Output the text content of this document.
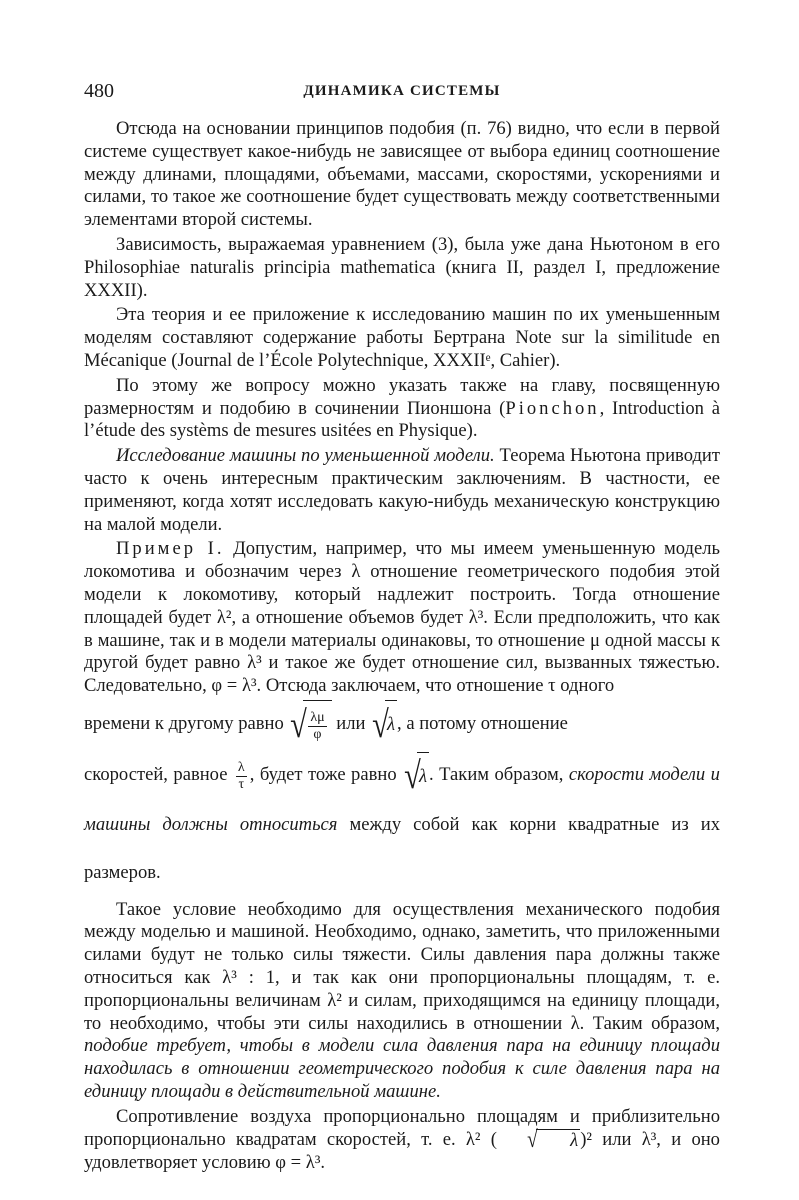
480	ДИНАМИКА СИСТЕМЫ

Отсюда на основании принципов подобия (п. 76) видно, что если в первой системе существует какое-нибудь не зависящее от выбора единиц соотношение между длинами, площадями, объемами, массами, скоростями, ускорениями и силами, то такое же соотношение будет существовать между соответственными элементами второй системы.

Зависимость, выражаемая уравнением (3), была уже дана Ньютоном в его Philosophiae naturalis principia mathematica (книга II, раздел I, предложение XXXII).

Эта теория и ее приложение к исследованию машин по их уменьшенным моделям составляют содержание работы Бертрана Note sur la similitude en Mécanique (Journal de l’École Polytechnique, XXXIIᵉ, Cahier).

По этому же вопросу можно указать также на главу, посвященную размерностям и подобию в сочинении Пионшона (Pionchon, Introduction à l’étude des systèms de mesures usitées en Physique).

Исследование машины по уменьшенной модели. Теорема Ньютона приводит часто к очень интересным практическим заключениям. В частности, ее применяют, когда хотят исследовать какую-нибудь механическую конструкцию на малой модели.

Пример I. Допустим, например, что мы имеем уменьшенную модель локомотива и обозначим через λ отношение геометрического подобия этой модели к локомотиву, который надлежит построить. Тогда отношение площадей будет λ², а отношение объемов будет λ³. Если предположить, что как в машине, так и в модели материалы одинаковы, то отношение μ одной массы к другой будет равно λ³ и такое же будет отношение сил, вызванных тяжестью. Следовательно, φ = λ³. Отсюда заключаем, что отношение τ одного

времени к другому равно √ $\frac{\lambda\mu}{\varphi}$ или √λ , а потому отношение

скоростей, равное $\frac{\lambda}{\tau}$ , будет тоже равно √λ . Таким образом, скорости модели и машины должны относиться между собой как корни квадратные из их размеров.

Такое условие необходимо для осуществления механического подобия между моделью и машиной. Необходимо, однако, заметить, что приложенными силами будут не только силы тяжести. Силы давления пара должны также относиться как λ³ : 1, и так как они пропорциональны площадям, т. е. пропорциональны величинам λ² и силам, приходящимся на единицу площади, то необходимо, чтобы эти силы находились в отношении λ. Таким образом, подобие требует, чтобы в модели сила давления пара на единицу площади находилась в отношении геометрического подобия к силе давления пара на единицу площади в действительной машине.

Сопротивление воздуха пропорционально площадям и приблизительно пропорционально квадратам скоростей, т. е. λ² ( √ λ )² или λ³, и оно удовлетворяет условию φ = λ³.
